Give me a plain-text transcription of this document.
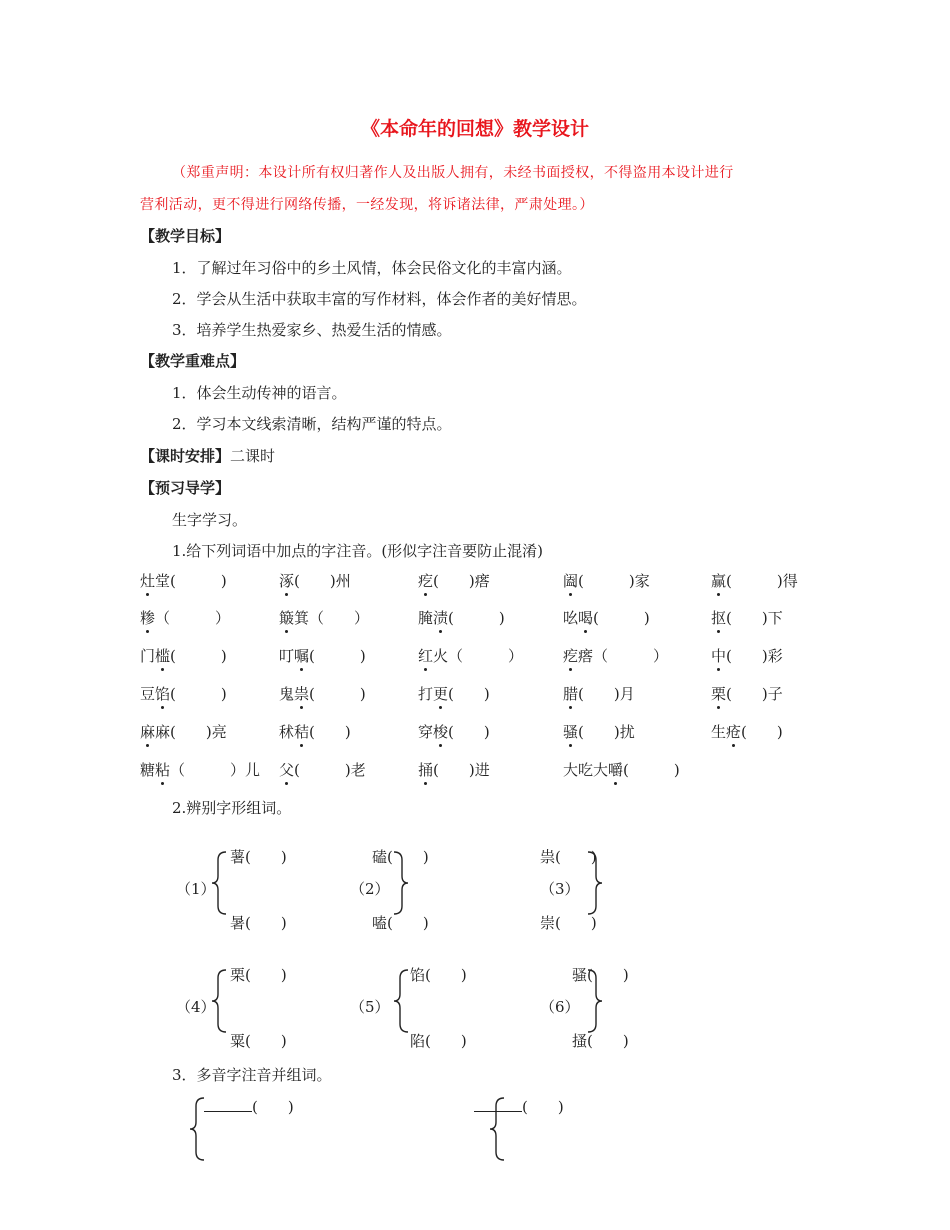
《本命年的回想》教学设计
（郑重声明：本设计所有权归著作人及出版人拥有，未经书面授权，不得盗用本设计进行
营利活动，更不得进行网络传播，一经发现，将诉诸法律，严肃处理。）
【教学目标】
1．了解过年习俗中的乡土风情，体会民俗文化的丰富内涵。
2．学会从生活中获取丰富的写作材料，体会作者的美好情思。
3．培养学生热爱家乡、热爱生活的情感。
【教学重难点】
1．体会生动传神的语言。
2．学习本文线索清晰，结构严谨的特点。
【课时安排】二课时
【预习导学】
生字学习。
1.给下列词语中加点的字注音。(形似字注音要防止混淆)
灶堂(　　　)	涿(　　)州	疙(　　)瘩	阖(　　　)家	赢(　　　)得
糁（　　　）	簸箕（　　）	腌渍(　　　)	吆喝(　　　)	抠(　　)下
门槛(　　　)	叮嘱(　　　)	红火（　　　）	疙瘩（　　　）	中(　　)彩
豆馅(　　　)	鬼祟(　　　)	打更(　　)	腊(　　)月	栗(　　)子
麻麻(　　)亮	秫秸(　　)	穿梭(　　)	骚(　　)扰	生疮(　　)
糖粘（　　　）儿 父(　　　)老	捅(　　)进	大吃大嚼(　　　)
2.辨别字形组词。
（1）
薯(　　)
暑(　　)
（2）
磕(　　)
嗑(　　)
（3）
祟(　　)
崇(　　)
（4）
栗(　　)
粟(　　)
（5）
馅(　　)
陷(　　)
（6）
骚(　　)
搔(　　)
3．多音字注音并组词。
(　　)	(　　)
